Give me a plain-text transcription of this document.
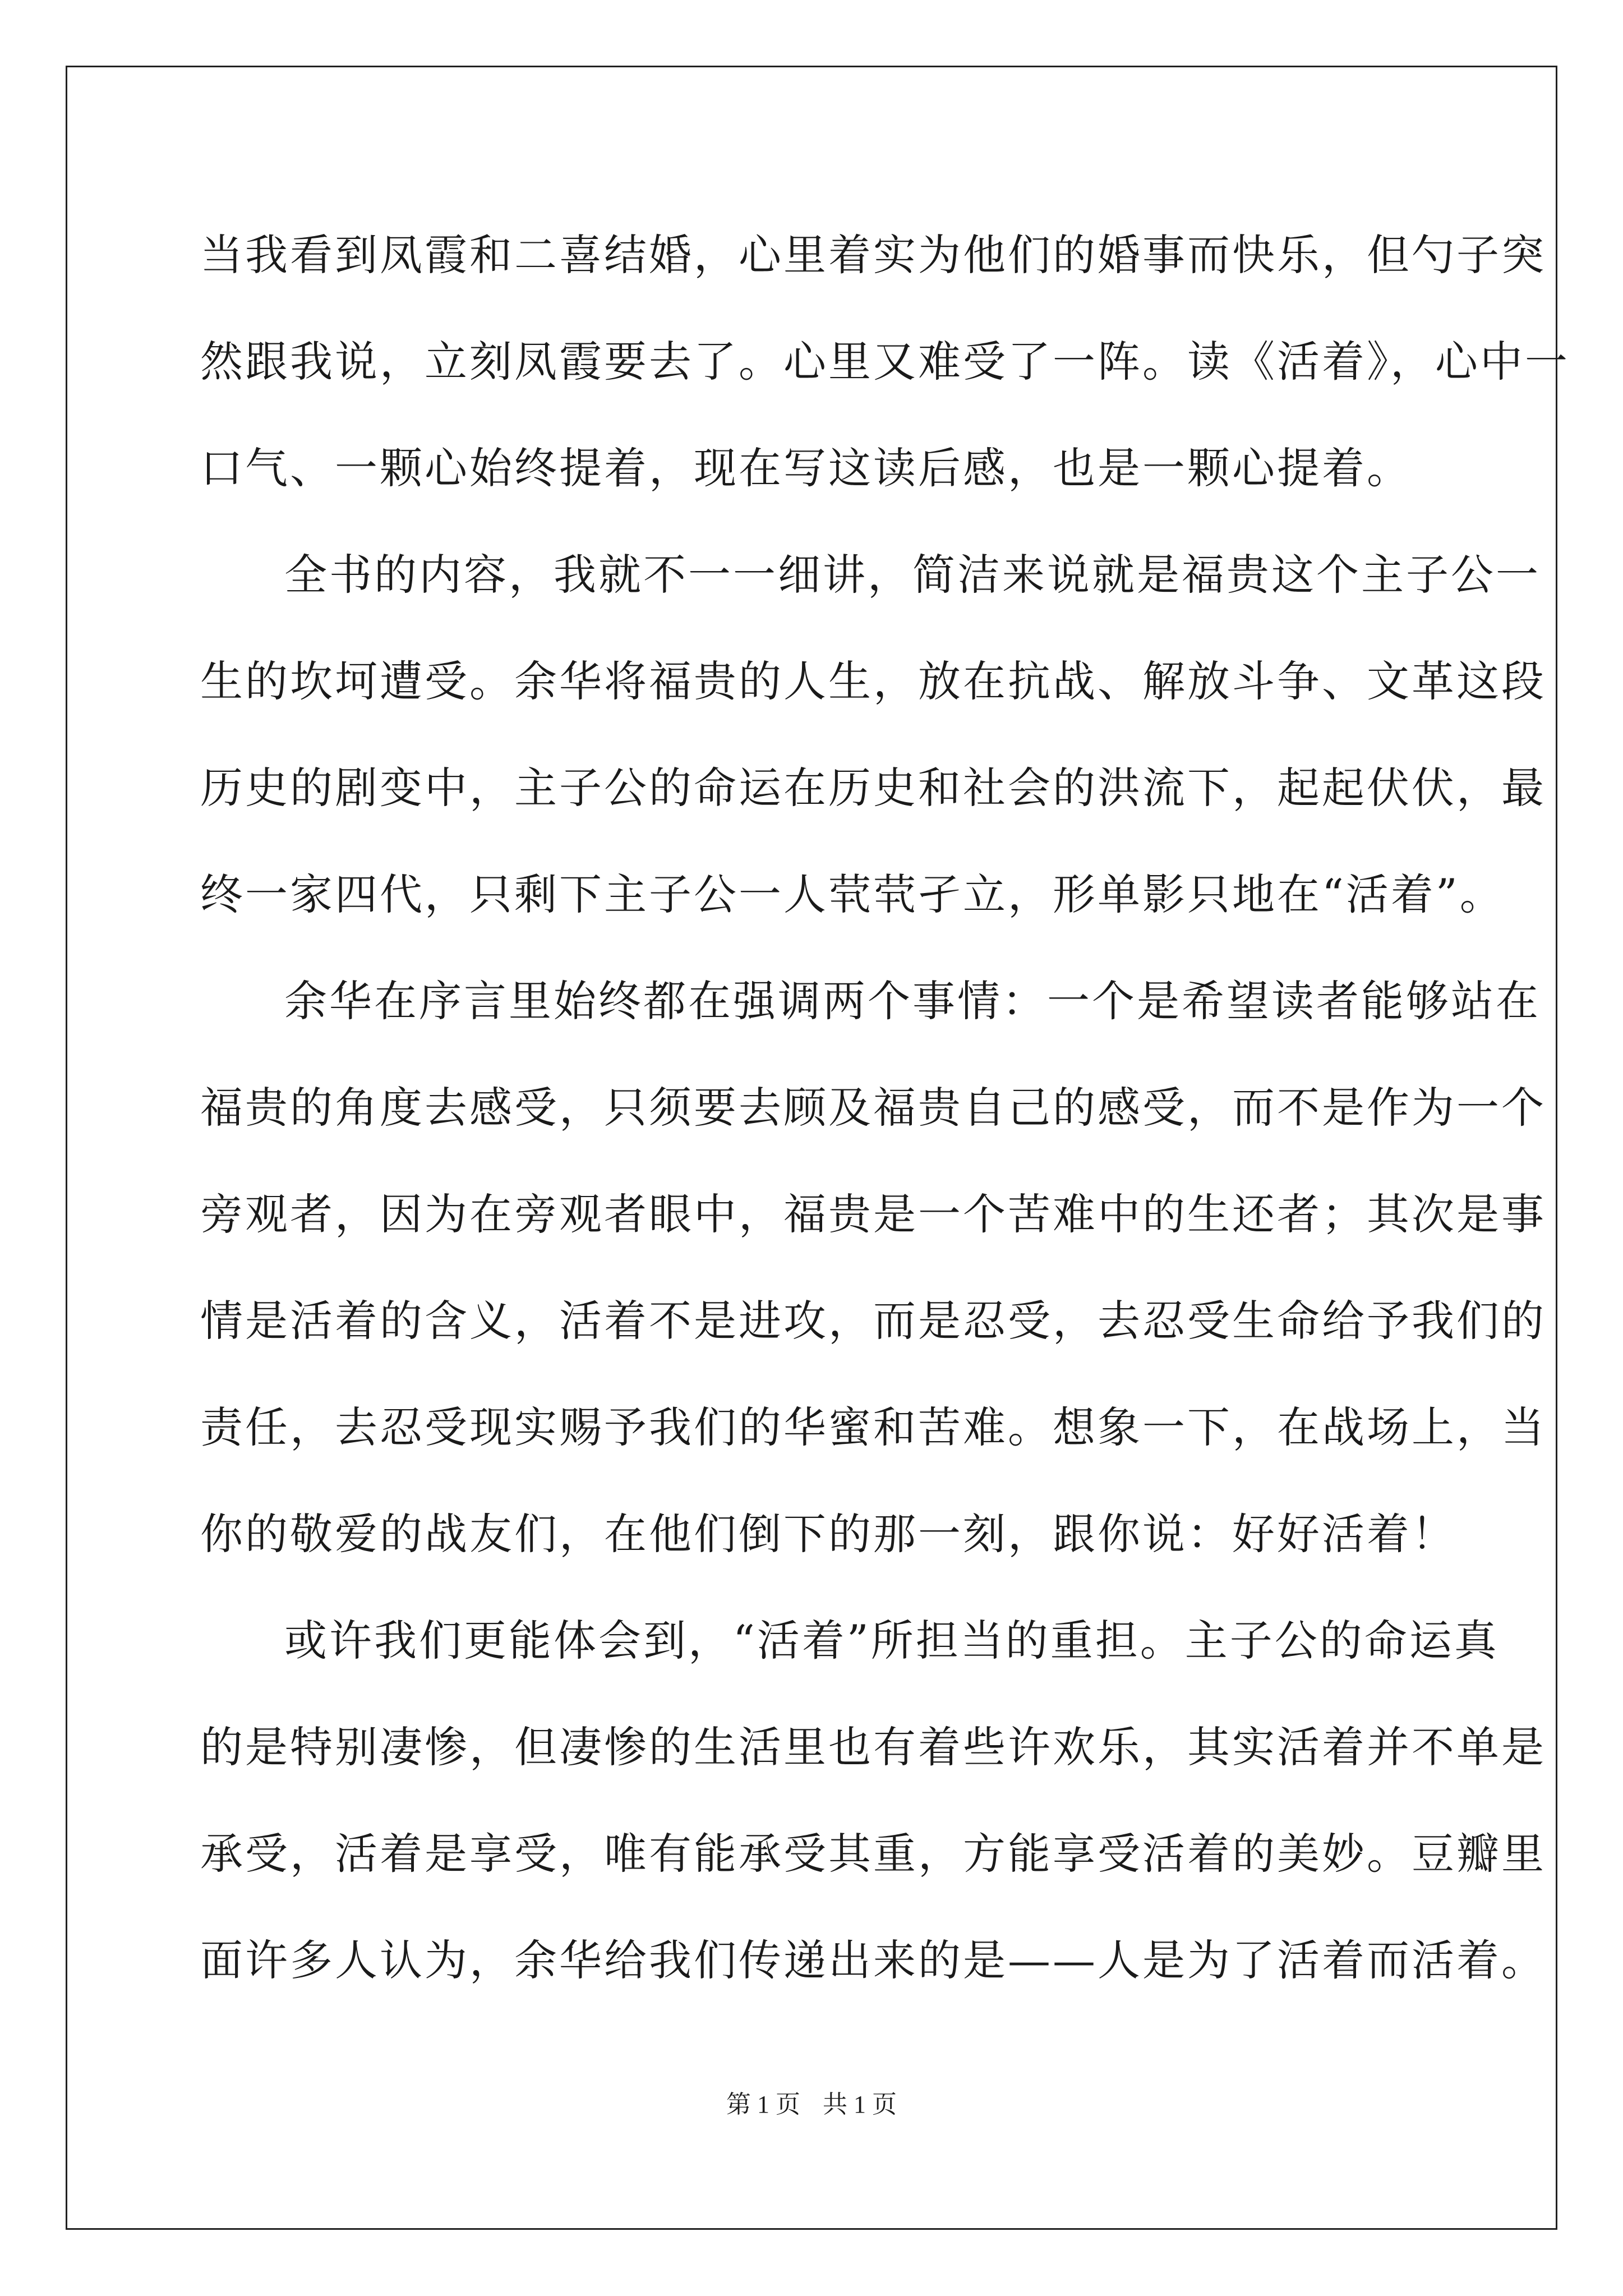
当我看到凤霞和二喜结婚，心里着实为他们的婚事而快乐，但勺子突
然跟我说，立刻凤霞要去了。心里又难受了一阵。读《活着》，心中一
口气、一颗心始终提着，现在写这读后感，也是一颗心提着。
全书的内容，我就不一一细讲，简洁来说就是福贵这个主子公一
生的坎坷遭受。余华将福贵的人生，放在抗战、解放斗争、文革这段
历史的剧变中，主子公的命运在历史和社会的洪流下，起起伏伏，最
终一家四代，只剩下主子公一人茕茕孑立，形单影只地在“活着”。
余华在序言里始终都在强调两个事情：一个是希望读者能够站在
福贵的角度去感受，只须要去顾及福贵自己的感受，而不是作为一个
旁观者，因为在旁观者眼中，福贵是一个苦难中的生还者；其次是事
情是活着的含义，活着不是进攻，而是忍受，去忍受生命给予我们的
责任，去忍受现实赐予我们的华蜜和苦难。想象一下，在战场上，当
你的敬爱的战友们，在他们倒下的那一刻，跟你说：好好活着！
或许我们更能体会到，“活着”所担当的重担。主子公的命运真
的是特别凄惨，但凄惨的生活里也有着些许欢乐，其实活着并不单是
承受，活着是享受，唯有能承受其重，方能享受活着的美妙。豆瓣里
面许多人认为，余华给我们传递出来的是——人是为了活着而活着。
第 1 页 共 1 页
